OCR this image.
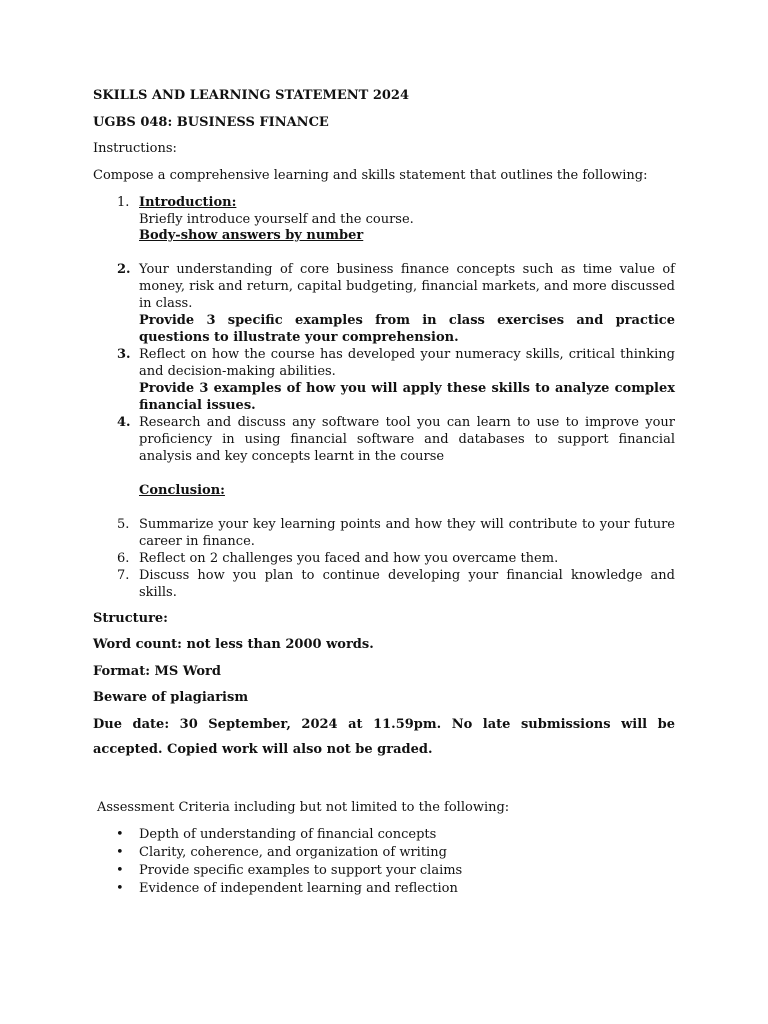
SKILLS AND LEARNING STATEMENT 2024
UGBS 048: BUSINESS FINANCE
Instructions:
Compose a comprehensive learning and skills statement that outlines the following:
1. Introduction:
Briefly introduce yourself and the course.
Body-show answers by number
2. Your understanding of core business finance concepts such as time value of money, risk and return, capital budgeting, financial markets, and more discussed in class.
Provide 3 specific examples from in class exercises and practice questions to illustrate your comprehension.
3. Reflect on how the course has developed your numeracy skills, critical thinking and decision-making abilities.
Provide 3 examples of how you will apply these skills to analyze complex financial issues.
4. Research and discuss any software tool you can learn to use to improve your proficiency in using financial software and databases to support financial analysis and key concepts learnt in the course
Conclusion:
5. Summarize your key learning points and how they will contribute to your future career in finance.
6. Reflect on 2 challenges you faced and how you overcame them.
7. Discuss how you plan to continue developing your financial knowledge and skills.
Structure:
Word count: not less than 2000 words.
Format: MS Word
Beware of plagiarism
Due date: 30 September, 2024 at 11.59pm. No late submissions will be accepted. Copied work will also not be graded.
Assessment Criteria including but not limited to the following:
• Depth of understanding of financial concepts
• Clarity, coherence, and organization of writing
• Provide specific examples to support your claims
• Evidence of independent learning and reflection
